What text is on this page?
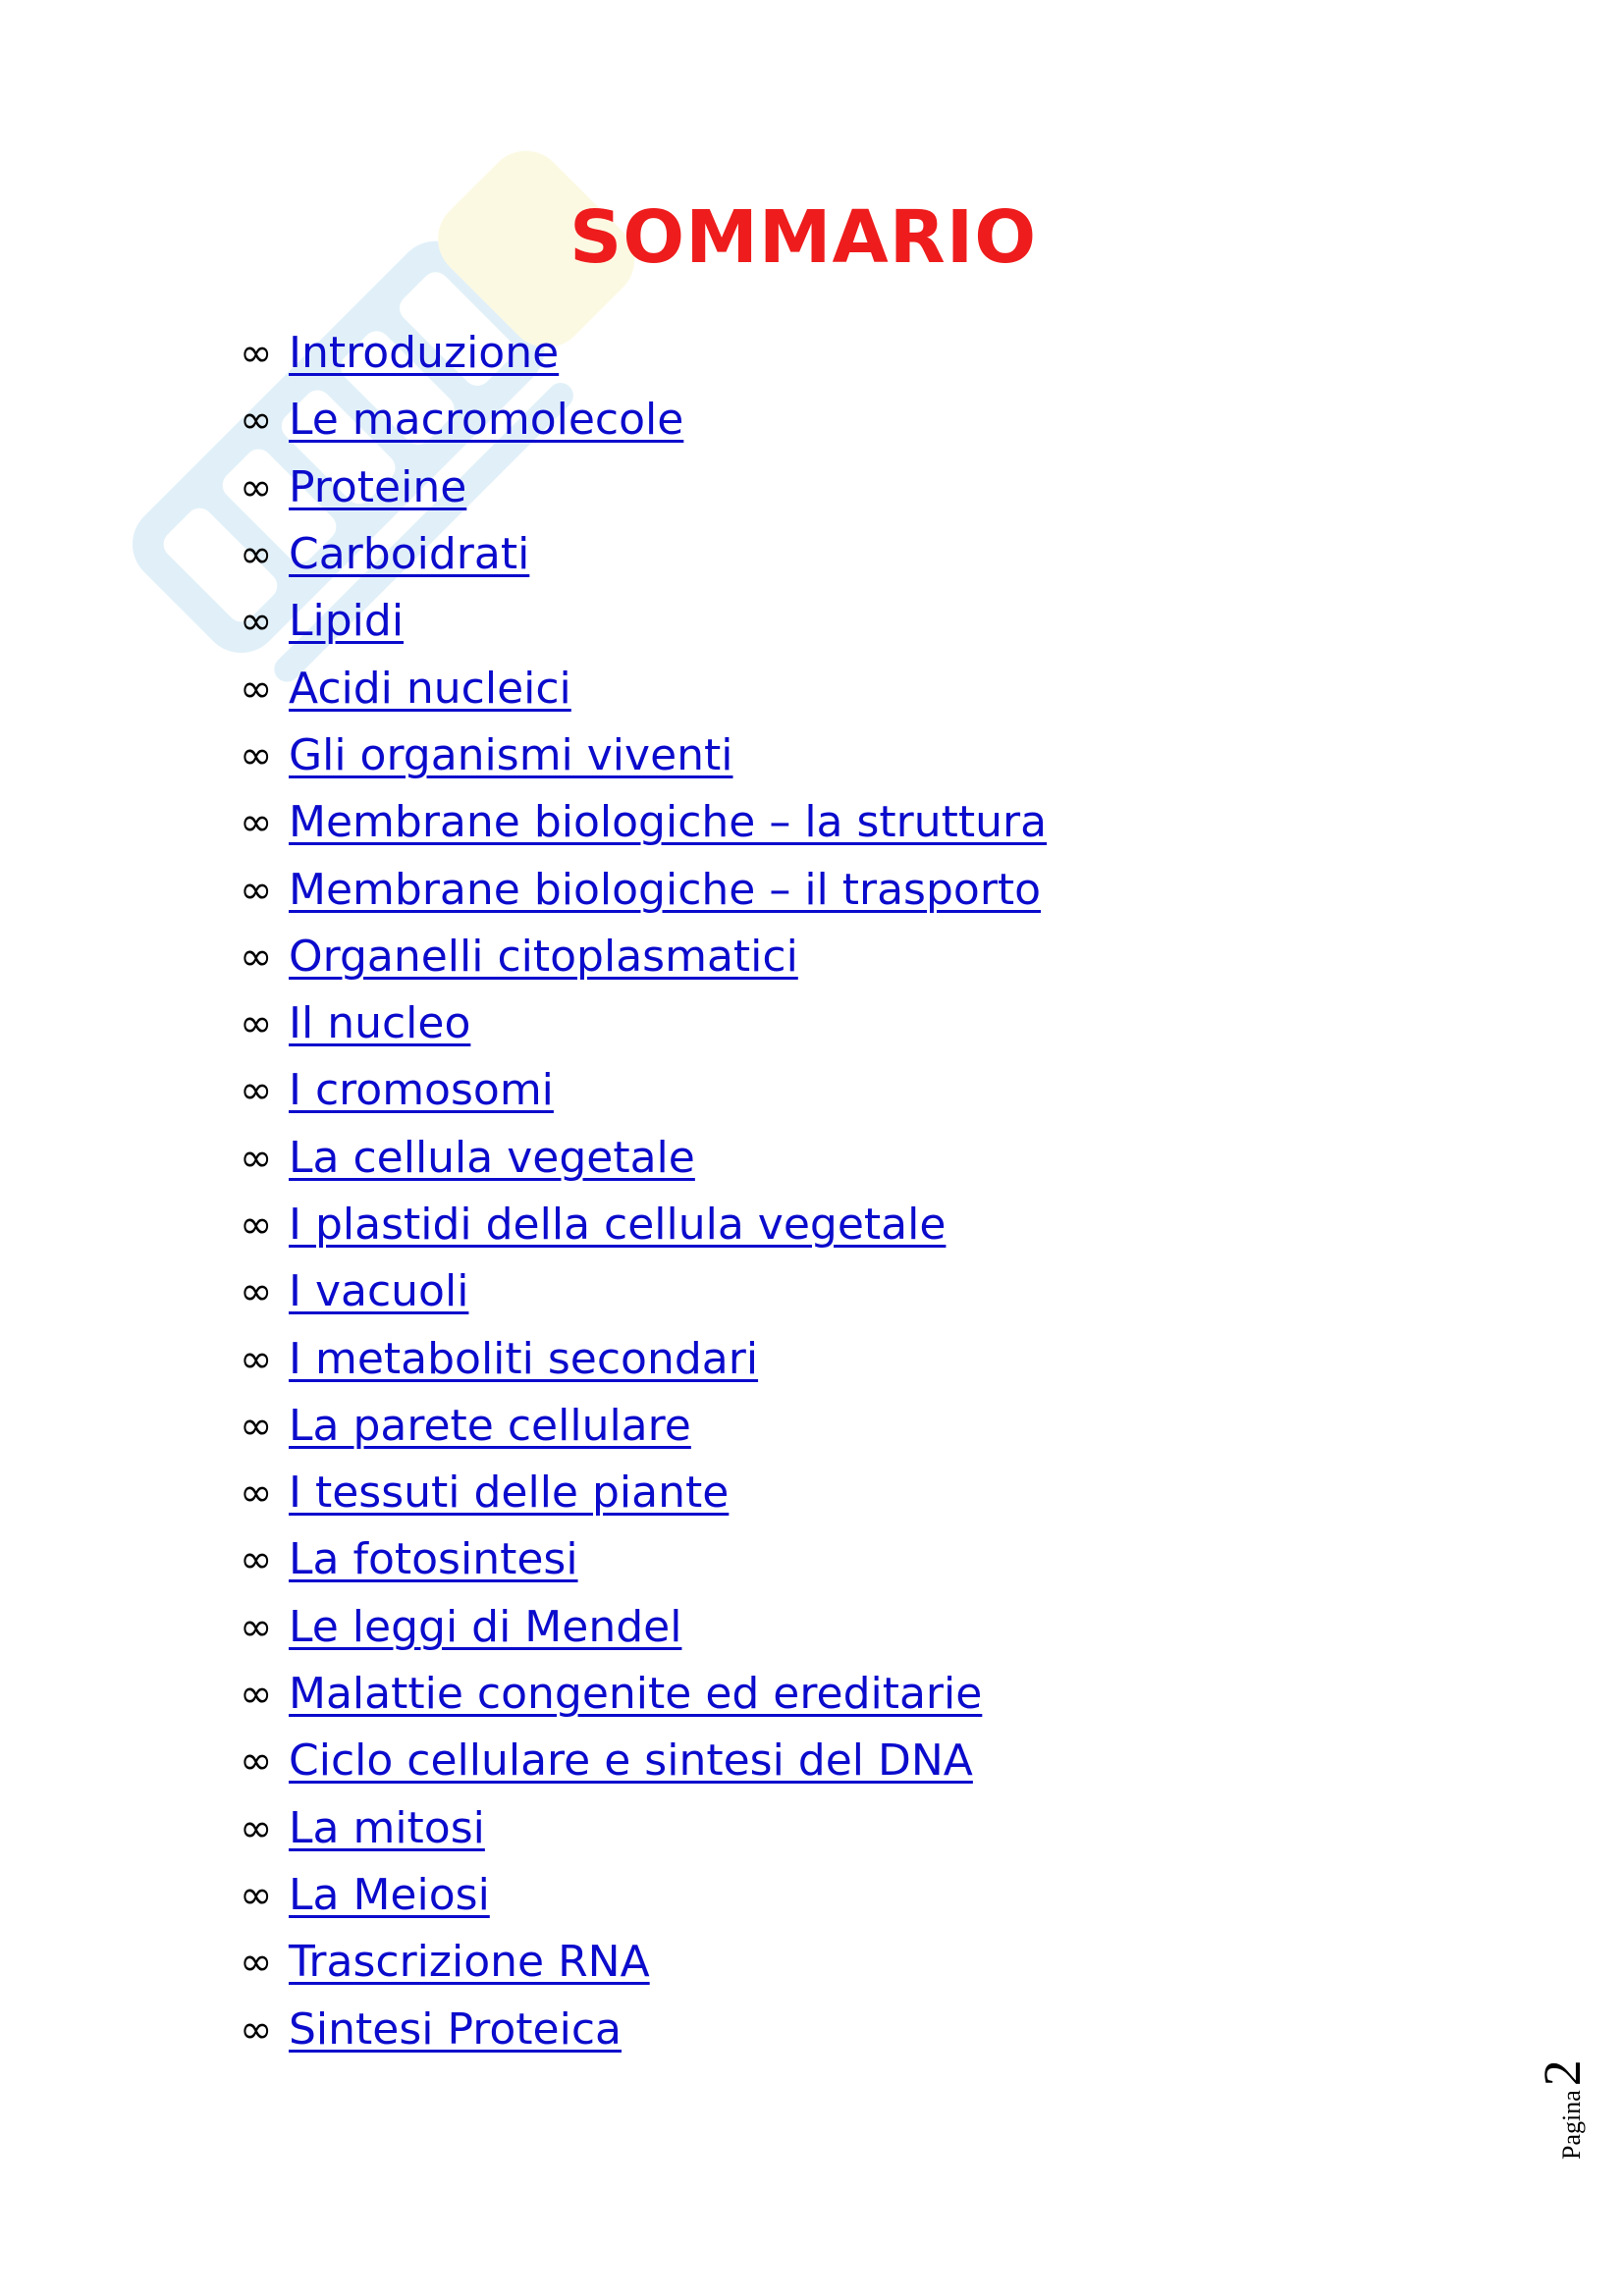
SOMMARIO
∞ Introduzione
∞ Le macromolecole
∞ Proteine
∞ Carboidrati
∞ Lipidi
∞ Acidi nucleici
∞ Gli organismi viventi
∞ Membrane biologiche – la struttura
∞ Membrane biologiche – il trasporto
∞ Organelli citoplasmatici
∞ Il nucleo
∞ I cromosomi
∞ La cellula vegetale
∞ I plastidi della cellula vegetale
∞ I vacuoli
∞ I metaboliti secondari
∞ La parete cellulare
∞ I tessuti delle piante
∞ La fotosintesi
∞ Le leggi di Mendel
∞ Malattie congenite ed ereditarie
∞ Ciclo cellulare e sintesi del DNA
∞ La mitosi
∞ La Meiosi
∞ Trascrizione RNA
∞ Sintesi Proteica
Pagina
2
